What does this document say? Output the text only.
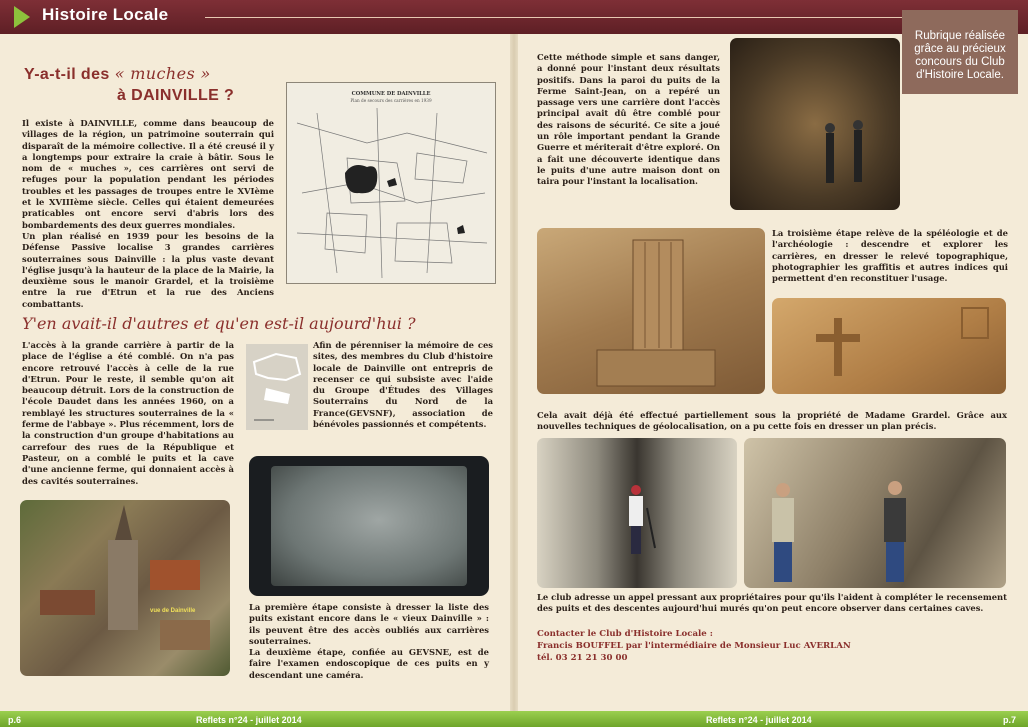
Histoire Locale
Rubrique réalisée grâce au précieux concours du Club d'Histoire Locale.
Y-a-t-il des « muches »
à DAINVILLE ?	COMMUNE DE DAINVILLE
Plan de secours des carrières en 1939

Il existe à DAINVILLE, comme dans beaucoup de villages de la région, un patrimoine souterrain qui disparaît de la mémoire collective. Il a été creusé il y a longtemps pour extraire la craie à bâtir. Sous le nom de « muches », ces carrières ont servi de refuges pour la population pendant les périodes troubles et les passages de troupes entre le XVIème et le XVIIIème siècle. Celles qui étaient demeurées praticables ont encore servi d'abris lors des bombardements des deux guerres mondiales.

Un plan réalisé en 1939 pour les besoins de la Défense Passive localise 3 grandes carrières souterraines sous Dainville : la plus vaste devant l'église jusqu'à la hauteur de la place de la Mairie, la deuxième sous le manoir Grardel, et la troisième entre la rue d'Etrun et la rue des Anciens combattants.

Y'en avait-il d'autres et qu'en est-il aujourd'hui ?
L'accès à la grande carrière à partir de la place de l'église a été comblé. On n'a pas encore retrouvé l'accès à celle de la rue d'Etrun. Pour le reste, il semble qu'on ait beaucoup détruit. Lors de la construction de l'école Daudet dans les années 1960, on a remblayé les structures souterraines de la « ferme de l'abbaye ». Plus récemment, lors de la construction d'un groupe d'habitations au carrefour des rues de la République et Pasteur, on a comblé le puits et la cave d'une ancienne ferme, qui donnaient accès à des cavités souterraines.
Afin de pérenniser la mémoire de ces sites, des membres du Club d'histoire locale de Dainville ont entrepris de recenser ce qui subsiste avec l'aide du Groupe d'Études des Villages Souterrains du Nord de la France(GEVSNF), association de bénévoles passionnés et compétents.
vue de Dainville	La première étape consiste à dresser la liste des puits existant encore dans le « vieux Dainville » : ils peuvent être des accès oubliés aux carrières souterraines.

La deuxième étape, confiée au GEVSNE, est de faire l'examen endoscopique de ces puits en y descendant une caméra.

Cette méthode simple et sans danger, a donné pour l'instant deux résultats positifs. Dans la paroi du puits de la Ferme Saint-Jean, on a repéré un passage vers une carrière dont l'accès principal avait dû être comblé pour des raisons de sécurité. Ce site a joué un rôle important pendant la Grande Guerre et mériterait d'être exploré. On a fait une découverte identique dans le puits d'une autre maison dont on taira pour l'instant la localisation.
La troisième étape relève de la spéléologie et de l'archéologie : descendre et explorer les carrières, en dresser le relevé topographique, photographier les graffitis et autres indices qui permettent d'en reconstituer l'usage.
Cela avait déjà été effectué partiellement sous la propriété de Madame Grardel. Grâce aux nouvelles techniques de géolocalisation, on a pu cette fois en dresser un plan précis.
Le club adresse un appel pressant aux propriétaires pour qu'ils l'aident à compléter le recensement des puits et des descentes aujourd'hui murés qu'on peut encore observer dans certaines caves.

Contacter le Club d'Histoire Locale :

Francis BOUFFEL par l'intermédiaire de Monsieur Luc AVERLAN

tél. 03 21 21 30 00

p.6	Reflets n°24 - juillet 2014	Reflets n°24 - juillet 2014	p.7
